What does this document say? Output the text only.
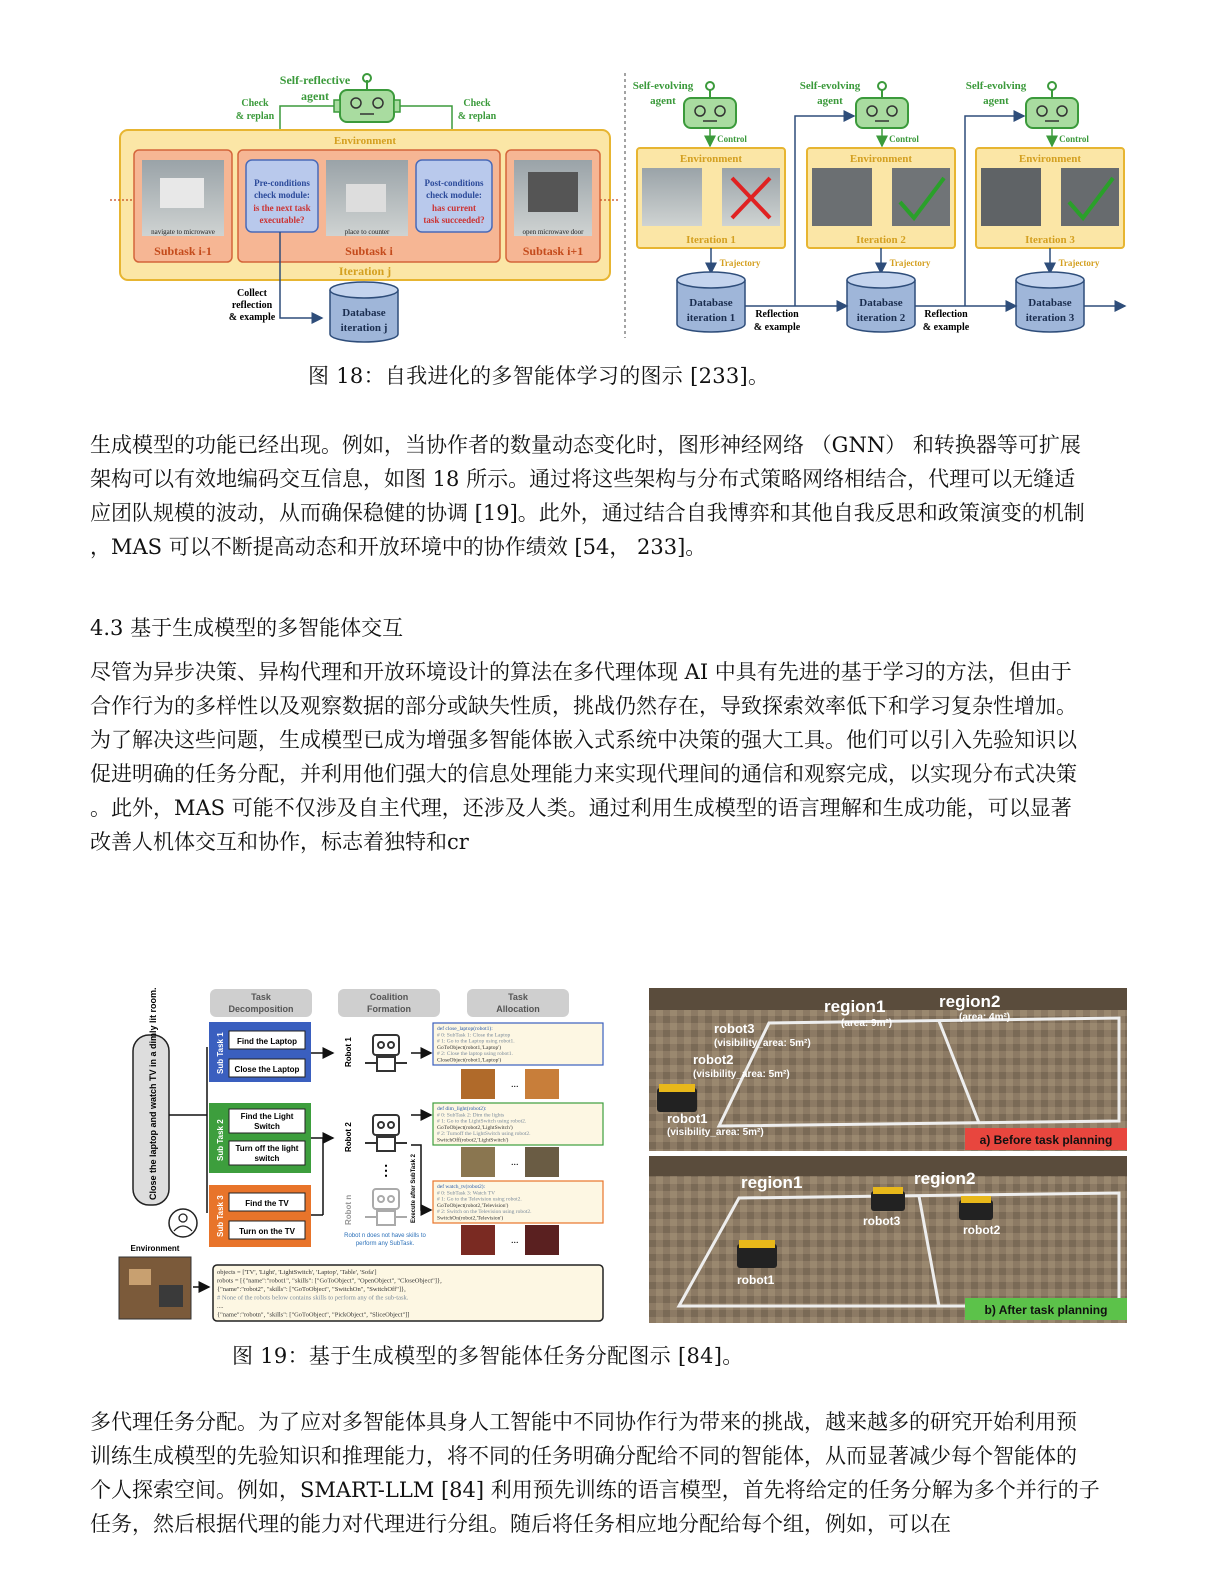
Self-reflective
agent
Check
& replan
Check
& replan
Environment
Iteration j
navigate to microwave
Subtask i-1
Pre-conditions
check module:
is the next task
executable?
place to counter
Post-conditions
check module:
has current
task succeeded?
Subtask i
open microwave door
Subtask i+1
Collect
reflection
& example	Database
iteration j
Self-evolving
agent
Control
Environment
Iteration 1
Trajectory
Database
iteration 1
Self-evolving
agent
Control
Environment
Iteration 2
Trajectory
Database
iteration 2
Self-evolving
agent
Control
Environment
Iteration 3
Trajectory
Database
iteration 3
Reflection
& example
Reflection
& example
图 18：自我进化的多智能体学习的图示 [233]。
生成模型的功能已经出现。例如，当协作者的数量动态变化时，图形神经网络 （GNN） 和转换器等可扩展
架构可以有效地编码交互信息，如图 18 所示。通过将这些架构与分布式策略网络相结合，代理可以无缝适
应团队规模的波动，从而确保稳健的协调 [19]。此外，通过结合自我博弈和其他自我反思和政策演变的机制
，MAS 可以不断提高动态和开放环境中的协作绩效 [54， 233]。
4.3 基于生成模型的多智能体交互
尽管为异步决策、异构代理和开放环境设计的算法在多代理体现 AI 中具有先进的基于学习的方法，但由于
合作行为的多样性以及观察数据的部分或缺失性质，挑战仍然存在，导致探索效率低下和学习复杂性增加。
为了解决这些问题，生成模型已成为增强多智能体嵌入式系统中决策的强大工具。他们可以引入先验知识以
促进明确的任务分配，并利用他们强大的信息处理能力来实现代理间的通信和观察完成，以实现分布式决策
。此外，MAS 可能不仅涉及自主代理，还涉及人类。通过利用生成模型的语言理解和生成功能，可以显著
改善人机体交互和协作，标志着独特和cr
Task
Decomposition
Coalition
Formation
Task
Allocation
Close the laptop and watch TV in a dimly lit room.	Sub Task 1 Find the Laptop
Close the Laptop
Sub Task 2
Find the Light
Switch
Turn off the light
switch
Sub Task 3	Find the TV
Turn on the TV
Robot 1
Robot 2
Execute after SubTask 2
⋮
Robot n
Robot n does not have skills to
perform any SubTask.
def close_laptop(robot1):
# 0: SubTask 1: Close the Laptop
# 1: Go to the Laptop using robot1.
GoToObject(robot1,'Laptop')
# 2: Close the laptop using robot1.
CloseObject(robot1,'Laptop')
...
def dim_light(robot2):
# 0: SubTask 2: Dim the lights
# 1: Go to the LightSwitch using robot2.
GoToObject(robot2,'LightSwitch')
# 2: Turnoff the LightSwitch using robot2.
SwitchOff(robot2,'LightSwitch')
...
def watch_tv(robot2):
# 0: SubTask 3: Watch TV
# 1: Go to the Television using robot2.
GoToObject(robot2,'Television')
# 2: Switch on the Television using robot2.
SwitchOn(robot2,'Television')
...
Environment
objects = ['TV', 'Light', 'LightSwitch', 'Laptop', 'Table', 'Sofa']
robots = [{"name":"robot1", "skills": ["GoToObject", "OpenObject", "CloseObject"]},
{"name":"robot2", "skills": ["GoToObject", "SwitchOn", "SwitchOff"]},
# None of the robots below contains skills to perform any of the sub-task.
....
{"name":"robotn", "skills": ["GoToObject", "PickObject", "SliceObject"]]
region1
(area: 9m²)
region2
(area: 4m²)
robot3
(visibility_area: 5m²)
robot2
(visibility_area: 5m²)
robot1
(visibility_area: 5m²)
a) Before task planning
region1	region2
robot3
robot2
robot1
b) After task planning
图 19：基于生成模型的多智能体任务分配图示 [84]。
多代理任务分配。为了应对多智能体具身人工智能中不同协作行为带来的挑战，越来越多的研究开始利用预
训练生成模型的先验知识和推理能力，将不同的任务明确分配给不同的智能体，从而显著减少每个智能体的
个人探索空间。例如，SMART-LLM [84] 利用预先训练的语言模型，首先将给定的任务分解为多个并行的子
任务，然后根据代理的能力对代理进行分组。随后将任务相应地分配给每个组，例如，可以在
